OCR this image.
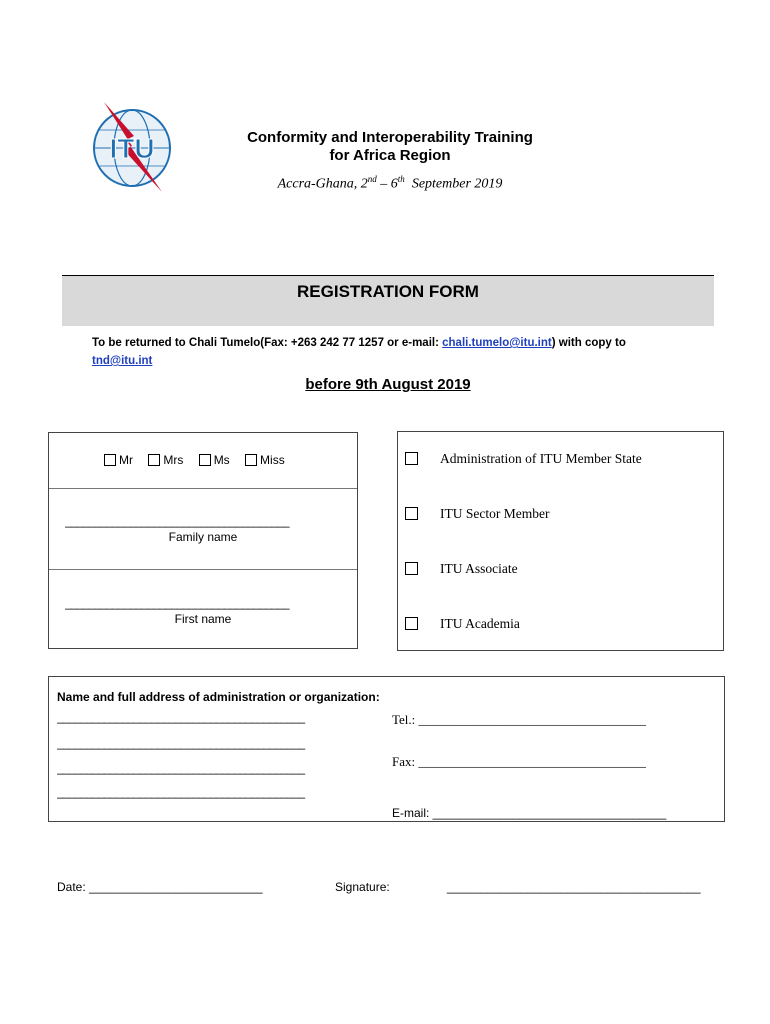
ITU	Conformity and Interoperability Training
for Africa Region
Accra-Ghana, 2nd – 6th  September 2019
REGISTRATION FORM
To be returned to Chali Tumelo(Fax: +263 242 77 1257 or e-mail: chali.tumelo@itu.int) with copy to
tnd@itu.int
before 9th August 2019
Mr	Mrs	Ms	Miss
______________________________________
Family name
______________________________________
First name
Administration of ITU Member State
ITU Sector Member
ITU Associate
ITU Academia
Name and full address of administration or organization:
__________________________________________
__________________________________________
__________________________________________
__________________________________________
Tel.: ___________________________________
Fax: ___________________________________
E-mail: ___________________________________
Date: __________________________	Signature:	______________________________________
